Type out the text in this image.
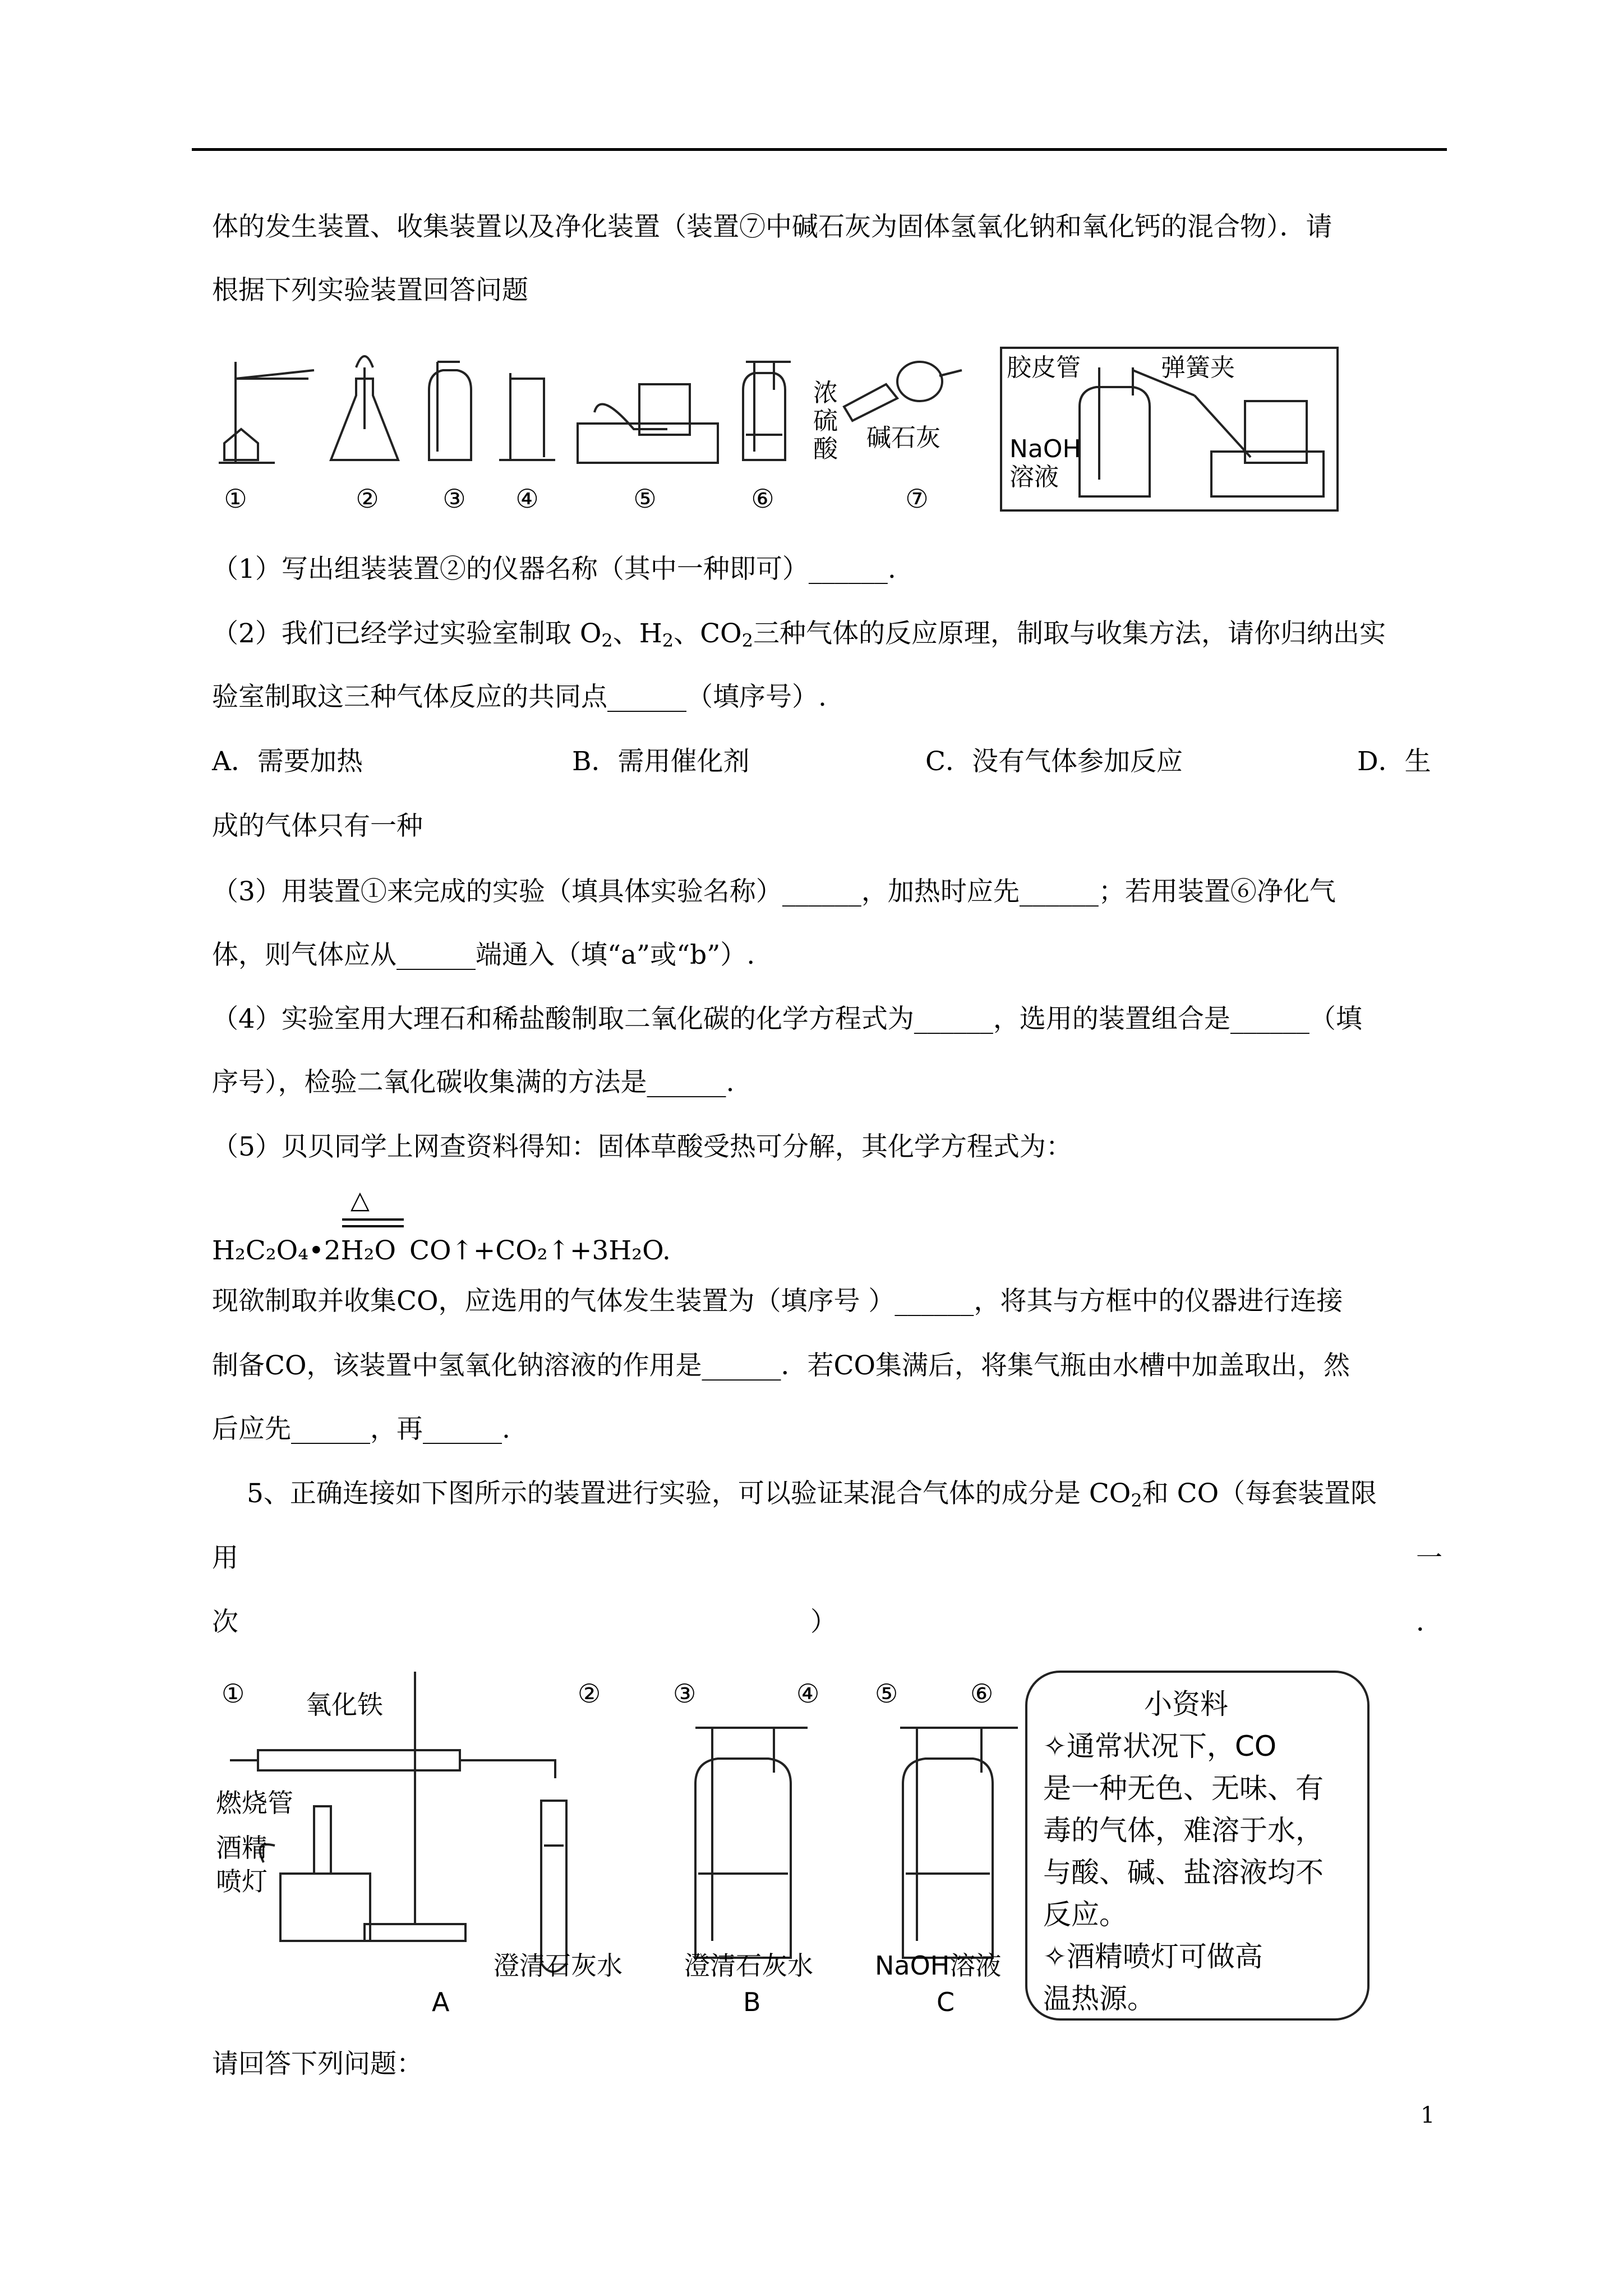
体的发生装置、收集装置以及净化装置（装置⑦中碱石灰为固体氢氧化钠和氧化钙的混合物）．请
根据下列实验装置回答问题
①	② ③ ④	⑤	⑥	⑦
浓
硫
酸 碱石灰
胶皮管	弹簧夹
NaOH
溶液
（1）写出组装装置②的仪器名称（其中一种即可）______.
（2）我们已经学过实验室制取 $O_2$、$H_2$、$CO_2$三种气体的反应原理，制取与收集方法，请你归纳出实
验室制取这三种气体反应的共同点______（填序号）.
A．需要加热	B．需用催化剂	C．没有气体参加反应	D．生
成的气体只有一种
（3）用装置①来完成的实验（填具体实验名称）______，加热时应先______；若用装置⑥净化气
体，则气体应从______端通入（填“a”或“b”）.
（4）实验室用大理石和稀盐酸制取二氧化碳的化学方程式为______，选用的装置组合是______（填
序号），检验二氧化碳收集满的方法是______.
（5）贝贝同学上网查资料得知：固体草酸受热可分解，其化学方程式为：
△
H₂C₂O₄•2H₂O CO↑+CO₂↑+3H₂O.
现欲制取并收集CO，应选用的气体发生装置为（填序号 ）______，将其与方框中的仪器进行连接
制备CO，该装置中氢氧化钠溶液的作用是______．若CO集满后，将集气瓶由水槽中加盖取出，然
后应先______，再______.
5、正确连接如下图所示的装置进行实验，可以验证某混合气体的成分是 $CO_2$和 CO（每套装置限
用	一
次	）	．
①	②	③	④ ⑤	⑥
氧化铁
燃烧管
酒精
喷灯
澄清石灰水 澄清石灰水 NaOH溶液
A	B	C
小资料
✧通常状况下，CO
是一种无色、无味、有
毒的气体，难溶于水，
与酸、碱、盐溶液均不
反应。
✧酒精喷灯可做高
温热源。
请回答下列问题：
1
